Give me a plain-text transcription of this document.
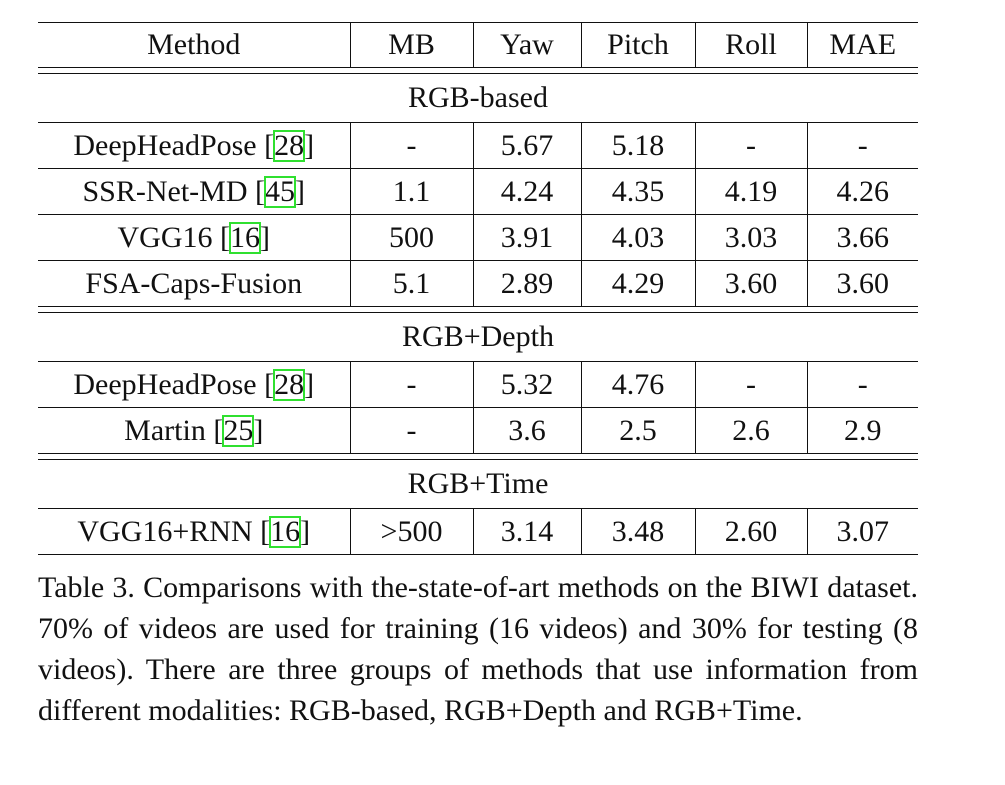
Method	MB	Yaw	Pitch	Roll	MAE

RGB-based					
DeepHeadPose [28]	-	5.67	5.18	-	-
SSR-Net-MD [45]	1.1	4.24	4.35	4.19	4.26
VGG16 [16]	500	3.91	4.03	3.03	3.66
FSA-Caps-Fusion	5.1	2.89	4.29	3.60	3.60

RGB+Depth					
DeepHeadPose [28]	-	5.32	4.76	-	-
Martin [25]	-	3.6	2.5	2.6	2.9

RGB+Time					
VGG16+RNN [16]	>500	3.14	3.48	2.60	3.07
Table 3. Comparisons with the-state-of-art methods on the BIWI dataset. 70% of videos are used for training (16 videos) and 30% for testing (8 videos). There are three groups of methods that use information from different modalities: RGB-based, RGB+Depth and RGB+Time.
